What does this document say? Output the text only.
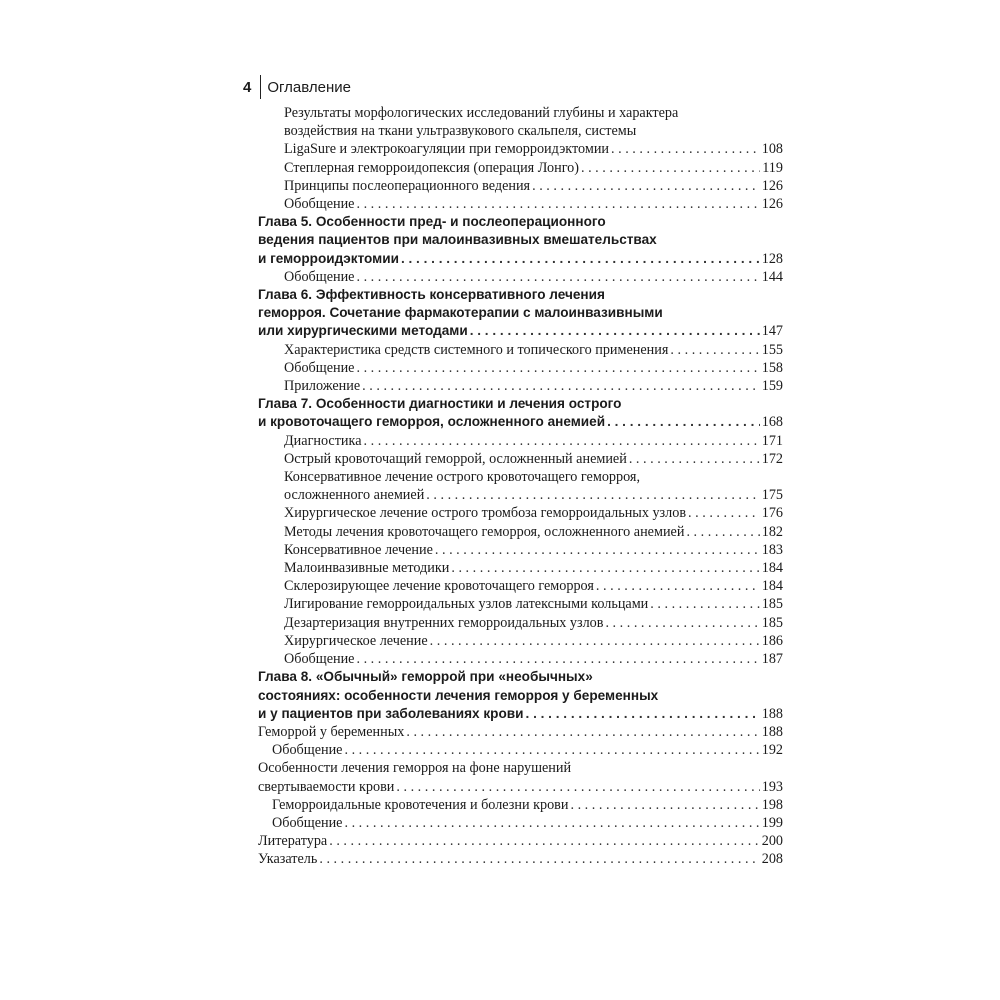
4 Оглавление
Результаты морфологических исследований глубины и характера
воздействия на ткани ультразвукового скальпеля, системы
LigaSure и электрокоагуляции при геморроидэктомии . . .	108
Степлерная геморроидопексия (операция Лонго) . . .	119
Принципы послеоперационного ведения . . .	126
Обобщение . . .	126
Глава 5. Особенности пред- и послеоперационного
ведения пациентов при малоинвазивных вмешательствах
и геморроидэктомии . . .	128
Обобщение . . .	144
Глава 6. Эффективность консервативного лечения
геморроя. Сочетание фармакотерапии с малоинвазивными
или хирургическими методами . . .	147
Характеристика средств системного и топического применения . . .	155
Обобщение . . .	158
Приложение . . .	159
Глава 7. Особенности диагностики и лечения острого
и кровоточащего геморроя, осложненного анемией . . .	168
Диагностика . . .	171
Острый кровоточащий геморрой, осложненный анемией . . .	172
Консервативное лечение острого кровоточащего геморроя,
осложненного анемией . . .	175
Хирургическое лечение острого тромбоза геморроидальных узлов . . .	176
Методы лечения кровоточащего геморроя, осложненного анемией . . .	182
Консервативное лечение . . .	183
Малоинвазивные методики . . .	184
Склерозирующее лечение кровоточащего геморроя . . .	184
Лигирование геморроидальных узлов латексными кольцами . . .	185
Дезартеризация внутренних геморроидальных узлов . . .	185
Хирургическое лечение . . .	186
Обобщение . . .	187
Глава 8. «Обычный» геморрой при «необычных»
состояниях: особенности лечения геморроя у беременных
и у пациентов при заболеваниях крови . . .	188
Геморрой у беременных . . .	188
Обобщение . . .	192
Особенности лечения геморроя на фоне нарушений
свертываемости крови . . .	193
Геморроидальные кровотечения и болезни крови . . .	198
Обобщение . . .	199
Литература . . .	200
Указатель . . .	208
